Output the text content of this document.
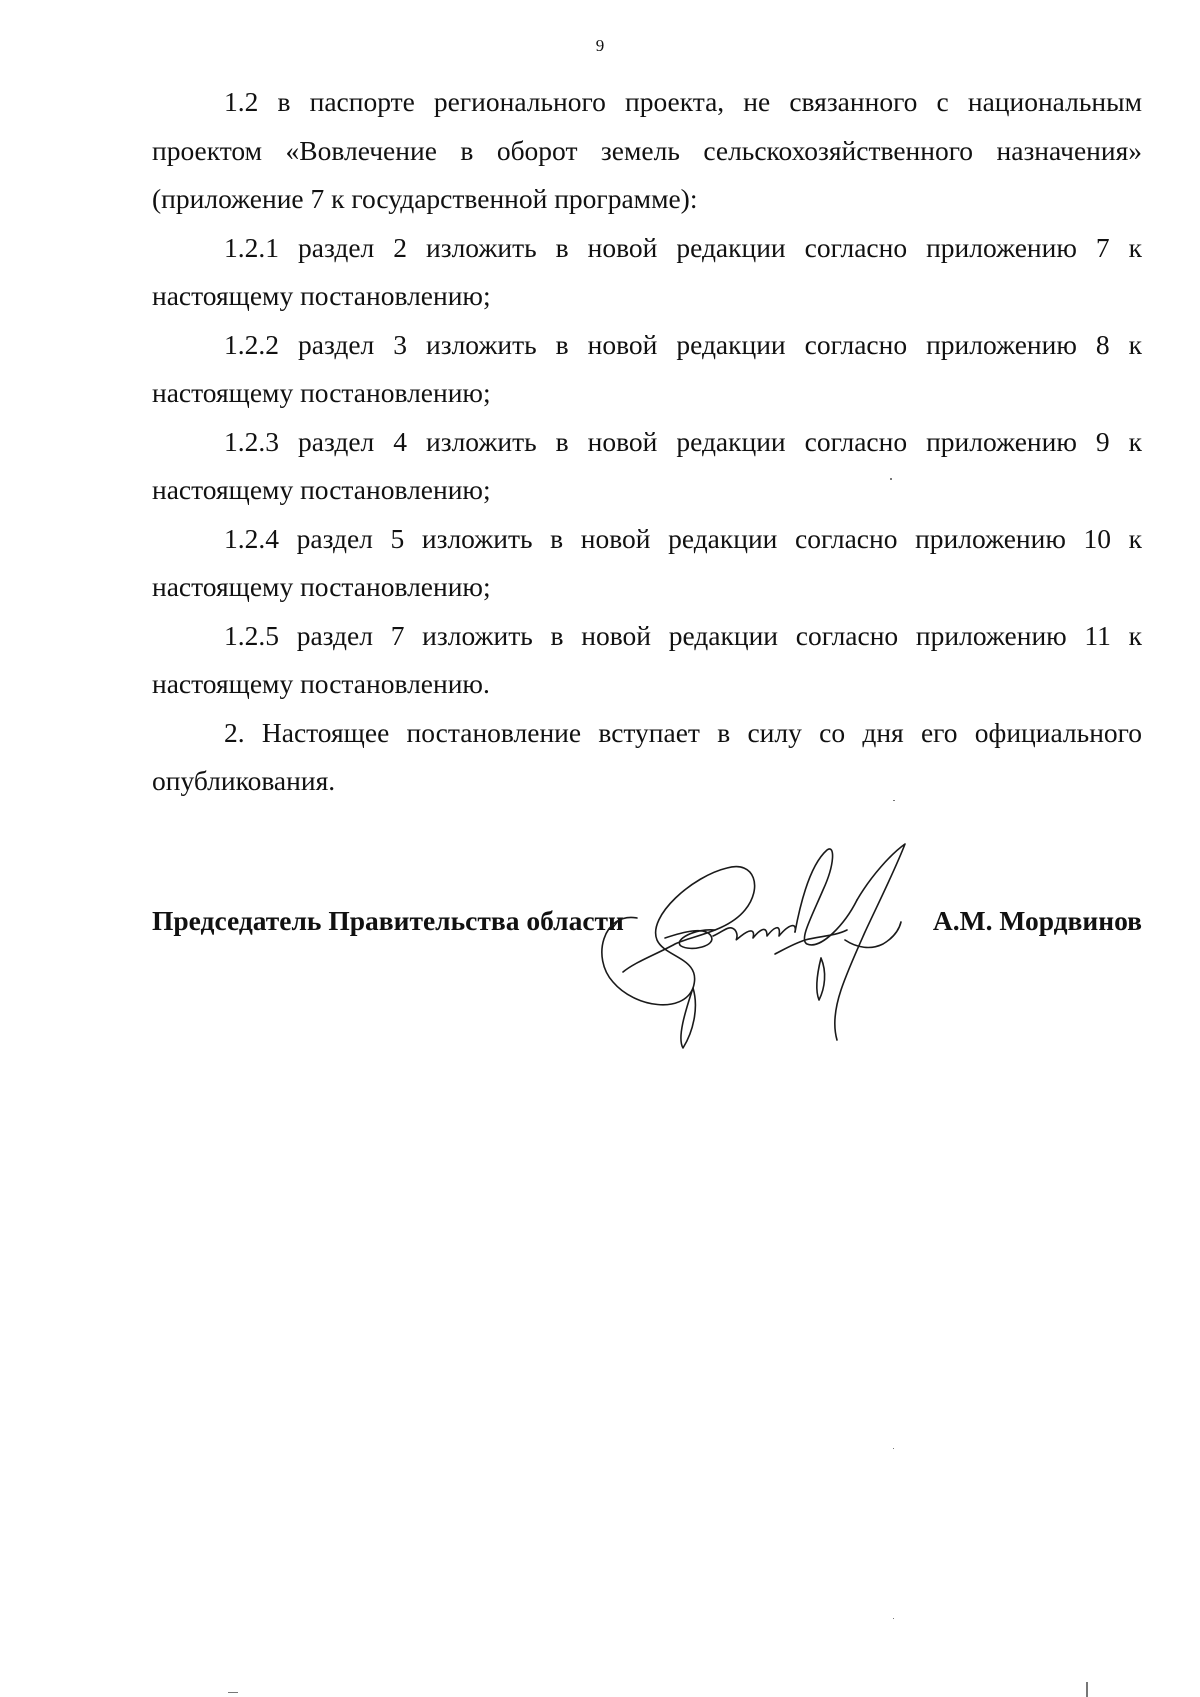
9

1.2 в паспорте регионального проекта, не связанного с национальным проектом «Вовлечение в оборот земель сельскохозяйственного назначения» (приложение 7 к государственной программе):

1.2.1 раздел 2 изложить в новой редакции согласно приложению 7 к настоящему постановлению;

1.2.2 раздел 3 изложить в новой редакции согласно приложению 8 к настоящему постановлению;

1.2.3 раздел 4 изложить в новой редакции согласно приложению 9 к настоящему постановлению;

1.2.4 раздел 5 изложить в новой редакции согласно приложению 10 к настоящему постановлению;

1.2.5 раздел 7 изложить в новой редакции согласно приложению 11 к настоящему постановлению.

2. Настоящее постановление вступает в силу со дня его официального опубликования.

Председатель Правительства области	А.М. Мордвинов
